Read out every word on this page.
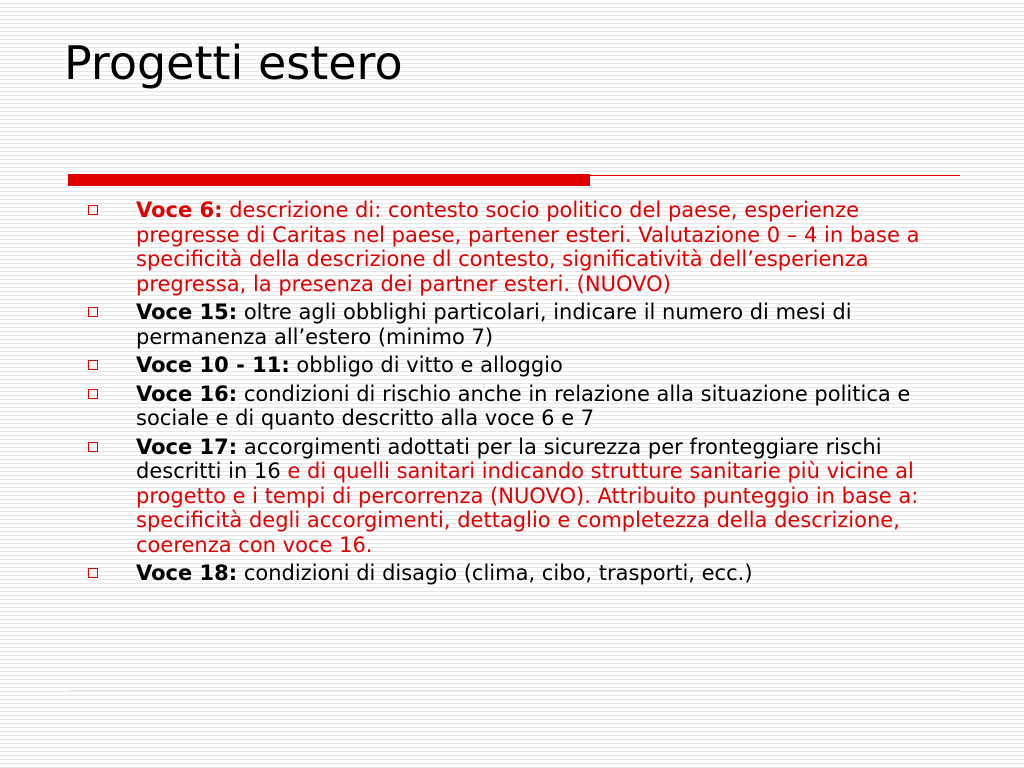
Progetti estero
Voce 6: descrizione di: contesto socio politico del paese, esperienze pregresse di Caritas nel paese, partener esteri. Valutazione 0 – 4 in base a specificità della descrizione dl contesto, significatività dell’esperienza pregressa, la presenza dei partner esteri. (NUOVO)
Voce 15: oltre agli obblighi particolari, indicare il numero di mesi di permanenza all’estero (minimo 7)
Voce 10 - 11: obbligo di vitto e alloggio
Voce 16: condizioni di rischio anche in relazione alla situazione politica e sociale e di quanto descritto alla voce 6 e 7
Voce 17: accorgimenti adottati per la sicurezza per fronteggiare rischi descritti in 16 e di quelli sanitari indicando strutture sanitarie più vicine al progetto e i tempi di percorrenza (NUOVO). Attribuito punteggio in base a: specificità degli accorgimenti, dettaglio e completezza della descrizione, coerenza con voce 16.
Voce 18: condizioni di disagio (clima, cibo, trasporti, ecc.)
